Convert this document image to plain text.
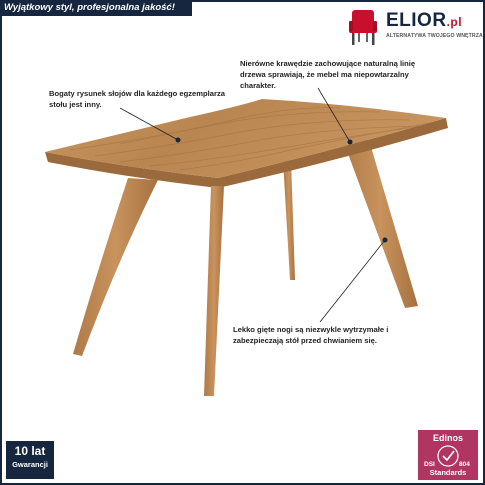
Wyjątkowy styl, profesjonalna jakość!
ELIOR.pl
ALTERNATYWA TWOJEGO WNĘTRZA
Bogaty rysunek słojów dla każdego egzemplarza stołu jest inny.
Nierówne krawędzie zachowujące naturalną linię drzewa sprawiają, że mebel ma niepowtarzalny charakter.
Lekko gięte nogi są niezwykle wytrzymałe i zabezpieczają stół przed chwianiem się.
10 lat
Gwarancji
Edinos
DSI	804
Standards
